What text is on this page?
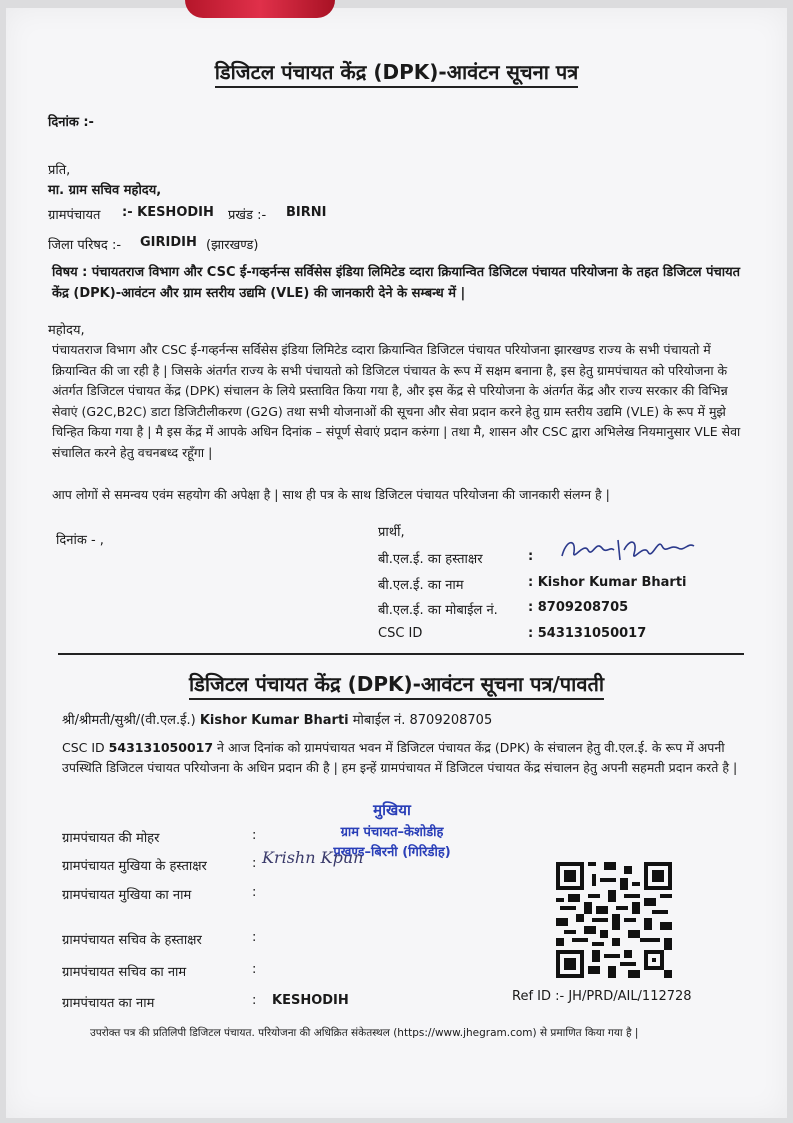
डिजिटल पंचायत केंद्र (DPK)-आवंटन सूचना पत्र
दिनांक :-
प्रति,
मा. ग्राम सचिव महोदय,
ग्रामपंचायत :- KESHODIH प्रखंड :- BIRNI
जिला परिषद :- GIRIDIH (झारखण्ड)
विषय : पंचायतराज विभाग और CSC ई-गव्हर्नन्स सर्विसेस इंडिया लिमिटेड व्दारा क्रियान्वित डिजिटल पंचायत परियोजना के तहत डिजिटल पंचायत केंद्र (DPK)-आवंटन और ग्राम स्तरीय उद्यमि (VLE) की जानकारी देने के सम्बन्ध में |
महोदय,
पंचायतराज विभाग और CSC ई-गव्हर्नन्स सर्विसेस इंडिया लिमिटेड व्दारा क्रियान्वित डिजिटल पंचायत परियोजना झारखण्ड राज्य के सभी पंचायतो में क्रियान्वित की जा रही है | जिसके अंतर्गत राज्य के सभी पंचायतो को डिजिटल पंचायत के रूप में सक्षम बनाना है, इस हेतु ग्रामपंचायत को परियोजना के अंतर्गत डिजिटल पंचायत केंद्र (DPK) संचालन के लिये प्रस्तावित किया गया है, और इस केंद्र से परियोजना के अंतर्गत केंद्र और राज्य सरकार की विभिन्न सेवाएं (G2C,B2C) डाटा डिजिटीलीकरण (G2G) तथा सभी योजनाओं की सूचना और सेवा प्रदान करने हेतु ग्राम स्तरीय उद्यमि (VLE) के रूप में मुझे चिन्हित किया गया है | मै इस केंद्र में आपके अधिन दिनांक – संपूर्ण सेवाएं प्रदान करुंगा | तथा मै, शासन और CSC द्वारा अभिलेख नियमानुसार VLE सेवा संचालित करने हेतु वचनबध्द रहूँगा |
आप लोगों से समन्वय एवंम सहयोग की अपेक्षा है | साथ ही पत्र के साथ डिजिटल पंचायत परियोजना की जानकारी संलग्न है |
दिनांक - ,
प्रार्थी,
बी.एल.ई. का हस्ताक्षर	:
बी.एल.ई. का नाम	: Kishor Kumar Bharti
बी.एल.ई. का मोबाईल नं. : 8709208705
CSC ID	: 543131050017
डिजिटल पंचायत केंद्र (DPK)-आवंटन सूचना पत्र/पावती
श्री/श्रीमती/सुश्री/(वी.एल.ई.) Kishor Kumar Bharti मोबाईल नं. 8709208705
CSC ID 543131050017 ने आज दिनांक को ग्रामपंचायत भवन में डिजिटल पंचायत केंद्र (DPK) के संचालन हेतु वी.एल.ई. के रूप में अपनी उपस्थिति डिजिटल पंचायत परियोजना के अधिन प्रदान की है | हम इन्हें ग्रामपंचायत में डिजिटल पंचायत केंद्र संचालन हेतु अपनी सहमती प्रदान करते है |
ग्रामपंचायत की मोहर	:
ग्रामपंचायत मुखिया के हस्ताक्षर	:
मुखिया
ग्राम पंचायत–केशोडीह
प्रखण्ड–बिरनी (गिरिडीह)
Krishn Kpun
ग्रामपंचायत मुखिया का नाम	:
ग्रामपंचायत सचिव के हस्ताक्षर	:
ग्रामपंचायत सचिव का नाम	:
ग्रामपंचायत का नाम	: KESHODIH	Ref ID :- JH/PRD/AIL/112728
उपरोक्त पत्र की प्रतिलिपी डिजिटल पंचायत. परियोजना की अधिक्रित संकेतस्थल (https://www.jhegram.com) से प्रमाणित किया गया है |
